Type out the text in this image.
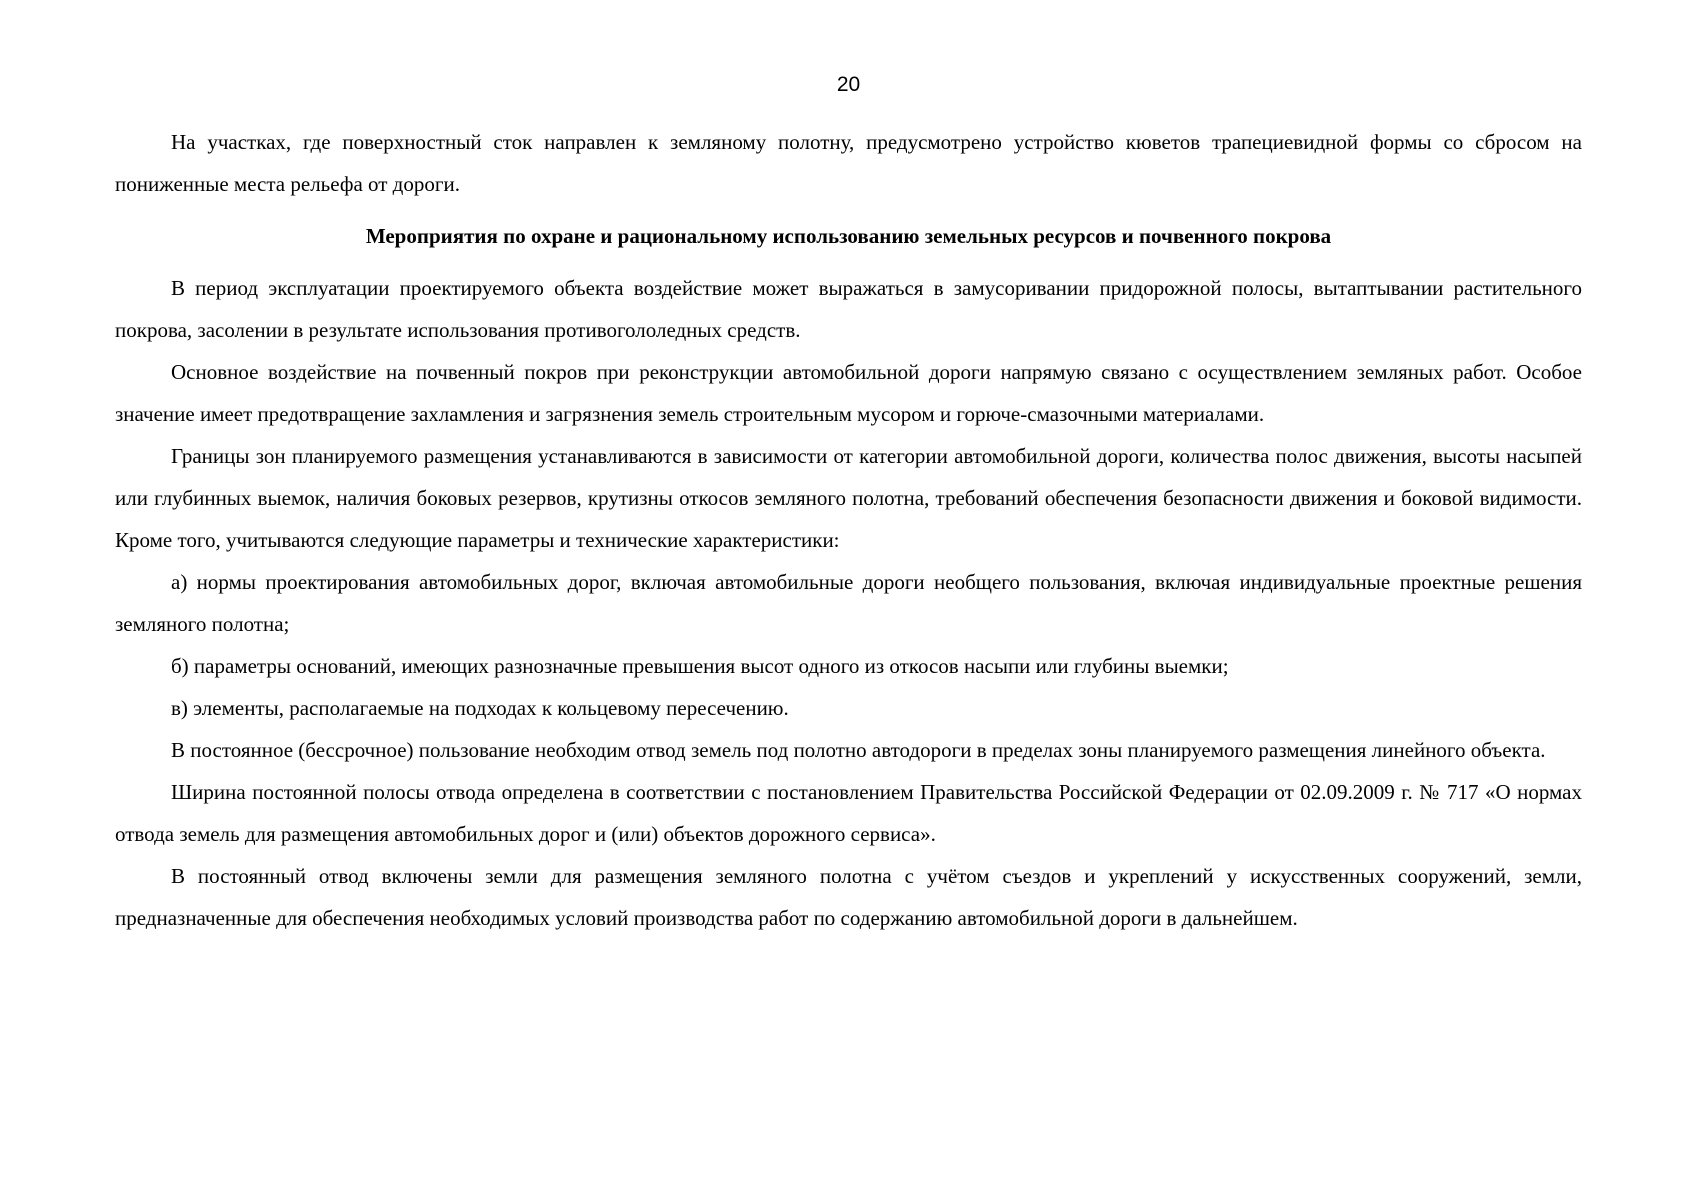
20

На участках, где поверхностный сток направлен к земляному полотну, предусмотрено устройство кюветов трапециевидной формы со сбросом на пониженные места рельефа от дороги.

Мероприятия по охране и рациональному использованию земельных ресурсов и почвенного покрова

В период эксплуатации проектируемого объекта воздействие может выражаться в замусоривании придорожной полосы, вытаптывании растительного покрова, засолении в результате использования противогололедных средств.

Основное воздействие на почвенный покров при реконструкции автомобильной дороги напрямую связано с осуществлением земляных работ. Особое значение имеет предотвращение захламления и загрязнения земель строительным мусором и горюче-смазочными материалами.

Границы зон планируемого размещения устанавливаются в зависимости от категории автомобильной дороги, количества полос движения, высоты насыпей или глубинных выемок, наличия боковых резервов, крутизны откосов земляного полотна, требований обеспечения безопасности движения и боковой видимости. Кроме того, учитываются следующие параметры и технические характеристики:

а) нормы проектирования автомобильных дорог, включая автомобильные дороги необщего пользования, включая индивидуальные проектные решения земляного полотна;

б) параметры оснований, имеющих разнозначные превышения высот одного из откосов насыпи или глубины выемки;

в) элементы, располагаемые на подходах к кольцевому пересечению.

В постоянное (бессрочное) пользование необходим отвод земель под полотно автодороги в пределах зоны планируемого размещения линейного объекта.

Ширина постоянной полосы отвода определена в соответствии с постановлением Правительства Российской Федерации от 02.09.2009 г. № 717 «О нормах отвода земель для размещения автомобильных дорог и (или) объектов дорожного сервиса».

В постоянный отвод включены земли для размещения земляного полотна с учётом съездов и укреплений у искусственных сооружений, земли, предназначенные для обеспечения необходимых условий производства работ по содержанию автомобильной дороги в дальнейшем.
